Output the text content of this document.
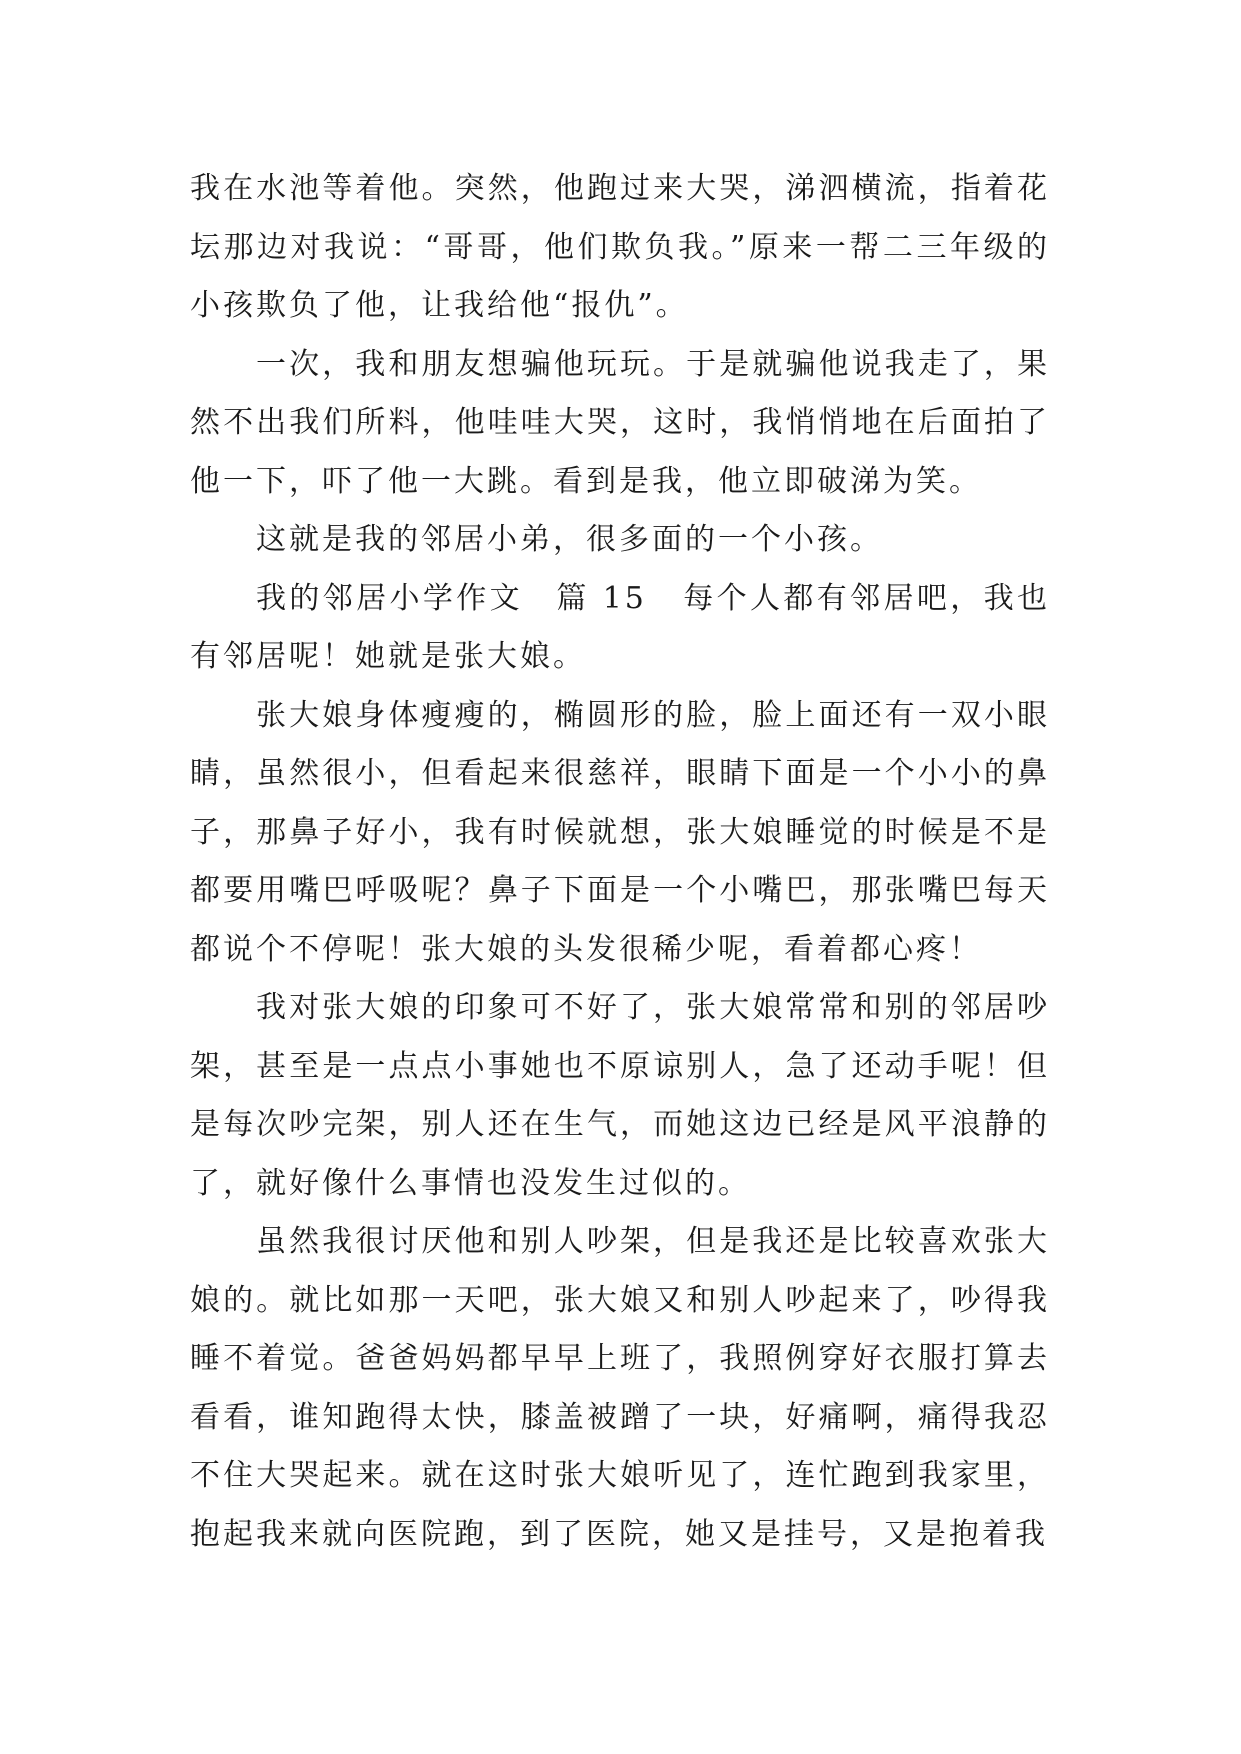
我在水池等着他。突然，他跑过来大哭，涕泗横流，指着花坛那边对我说：“哥哥，他们欺负我。”原来一帮二三年级的小孩欺负了他，让我给他“报仇”。

一次，我和朋友想骗他玩玩。于是就骗他说我走了，果然不出我们所料，他哇哇大哭，这时，我悄悄地在后面拍了他一下，吓了他一大跳。看到是我，他立即破涕为笑。

这就是我的邻居小弟，很多面的一个小孩。

我的邻居小学作文　 篇 15 每个人都有邻居吧，我也有邻居呢！她就是张大娘。

张大娘身体瘦瘦的，椭圆形的脸，脸上面还有一双小眼睛，虽然很小，但看起来很慈祥，眼睛下面是一个小小的鼻子，那鼻子好小，我有时候就想，张大娘睡觉的时候是不是都要用嘴巴呼吸呢？鼻子下面是一个小嘴巴，那张嘴巴每天都说个不停呢！张大娘的头发很稀少呢，看着都心疼！

我对张大娘的印象可不好了，张大娘常常和别的邻居吵架，甚至是一点点小事她也不原谅别人，急了还动手呢！但是每次吵完架，别人还在生气，而她这边已经是风平浪静的了，就好像什么事情也没发生过似的。

虽然我很讨厌他和别人吵架，但是我还是比较喜欢张大娘的。就比如那一天吧，张大娘又和别人吵起来了，吵得我睡不着觉。爸爸妈妈都早早上班了，我照例穿好衣服打算去看看，谁知跑得太快，膝盖被蹭了一块，好痛啊，痛得我忍不住大哭起来。就在这时张大娘听见了，连忙跑到我家里，抱起我来就向医院跑，到了医院，她又是挂号，又是抱着我
